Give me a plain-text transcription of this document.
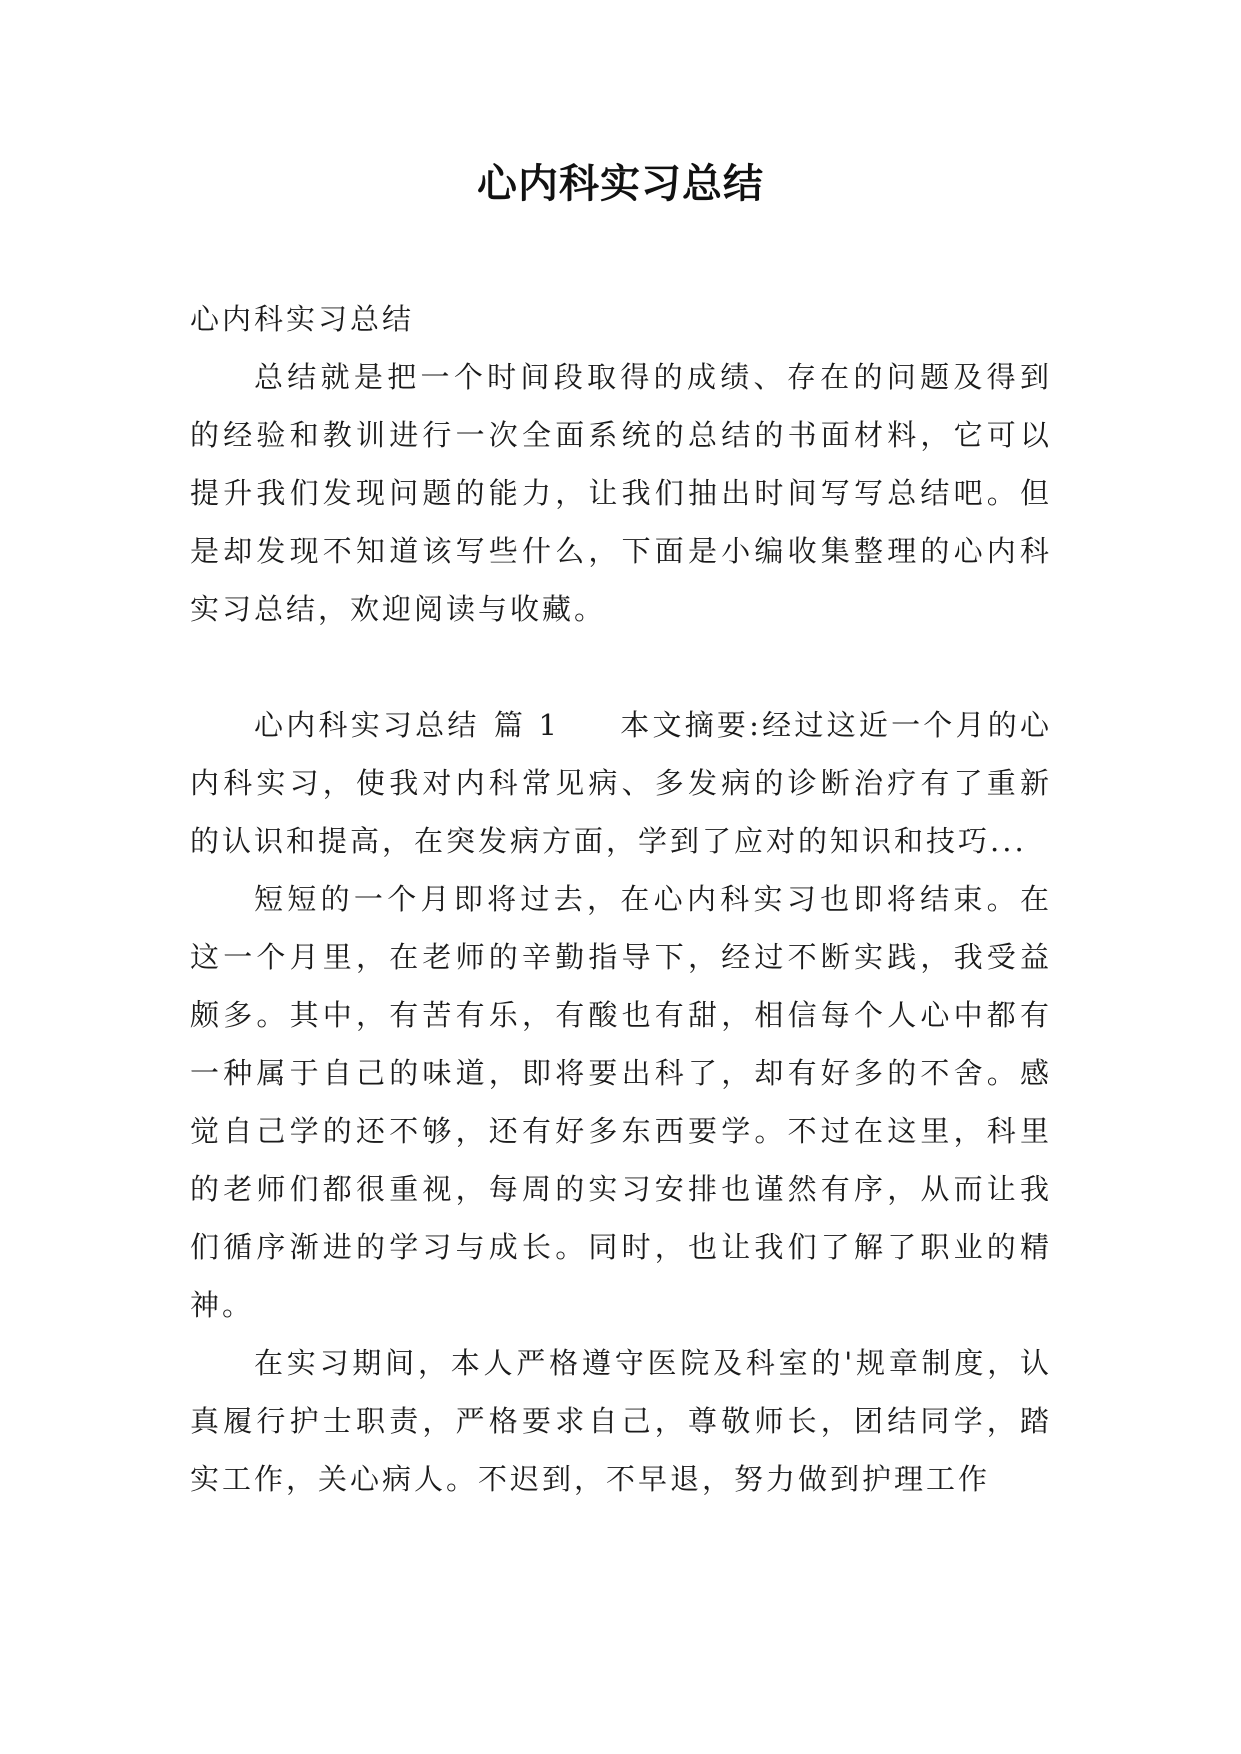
心内科实习总结

心内科实习总结

总结就是把一个时间段取得的成绩、存在的问题及得到的经验和教训进行一次全面系统的总结的书面材料，它可以提升我们发现问题的能力，让我们抽出时间写写总结吧。但是却发现不知道该写些什么，下面是小编收集整理的心内科实习总结，欢迎阅读与收藏。

心内科实习总结 篇 1 本文摘要:经过这近一个月的心内科实习，使我对内科常见病、多发病的诊断治疗有了重新的认识和提高，在突发病方面，学到了应对的知识和技巧...

短短的一个月即将过去，在心内科实习也即将结束。在这一个月里，在老师的辛勤指导下，经过不断实践，我受益颇多。其中，有苦有乐，有酸也有甜，相信每个人心中都有一种属于自己的味道，即将要出科了，却有好多的不舍。感觉自己学的还不够，还有好多东西要学。不过在这里，科里的老师们都很重视，每周的实习安排也谨然有序，从而让我们循序渐进的学习与成长。同时，也让我们了解了职业的精神。

在实习期间，本人严格遵守医院及科室的'规章制度，认真履行护士职责，严格要求自己，尊敬师长，团结同学，踏实工作，关心病人。不迟到，不早退，努力做到护理工作
